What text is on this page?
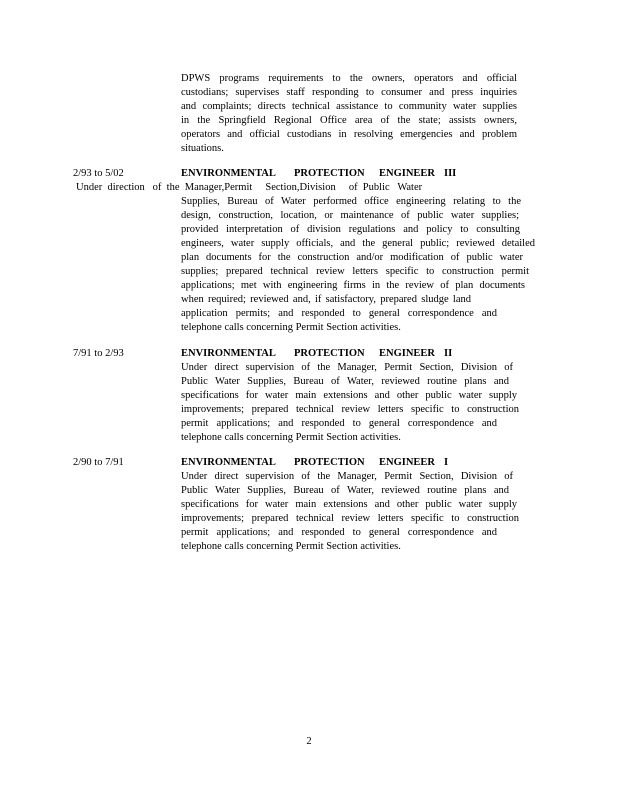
DPWS programs requirements to the owners, operators and official
custodians; supervises staff responding to consumer and press inquiries
and complaints; directs technical assistance to community water supplies
in the Springfield Regional Office area of the state; assists owners,
operators and official custodians in resolving emergencies and problem
situations.
2/93 to 5/02	ENVIRONMENTAL PROTECTION ENGINEER III
Under  direction   of  the  Manager,Permit     Section,Division     of  Public   Water
Supplies, Bureau of Water performed office engineering relating to the
design, construction, location, or maintenance of public water supplies;
provided interpretation of division regulations and policy to consulting
engineers, water supply officials, and the general public; reviewed detailed
plan documents for the construction and/or modification of public water
supplies; prepared technical review letters specific to construction permit
applications; met with engineering firms in the review of plan documents
when required; reviewed and, if satisfactory, prepared sludge land
application permits; and responded to general correspondence and
telephone calls concerning Permit Section activities.
7/91 to 2/93	ENVIRONMENTAL PROTECTION ENGINEER II
Under direct supervision of the Manager, Permit Section, Division of
Public Water Supplies, Bureau of Water, reviewed routine plans and
specifications for water main extensions and other public water supply
improvements; prepared technical review letters specific to construction
permit applications; and responded to general correspondence and
telephone calls concerning Permit Section activities.
2/90 to 7/91	ENVIRONMENTAL PROTECTION ENGINEER I
Under direct supervision of the Manager, Permit Section, Division of
Public Water Supplies, Bureau of Water, reviewed routine plans and
specifications for water main extensions and other public water supply
improvements; prepared technical review letters specific to construction
permit applications; and responded to general correspondence and
telephone calls concerning Permit Section activities.
2
